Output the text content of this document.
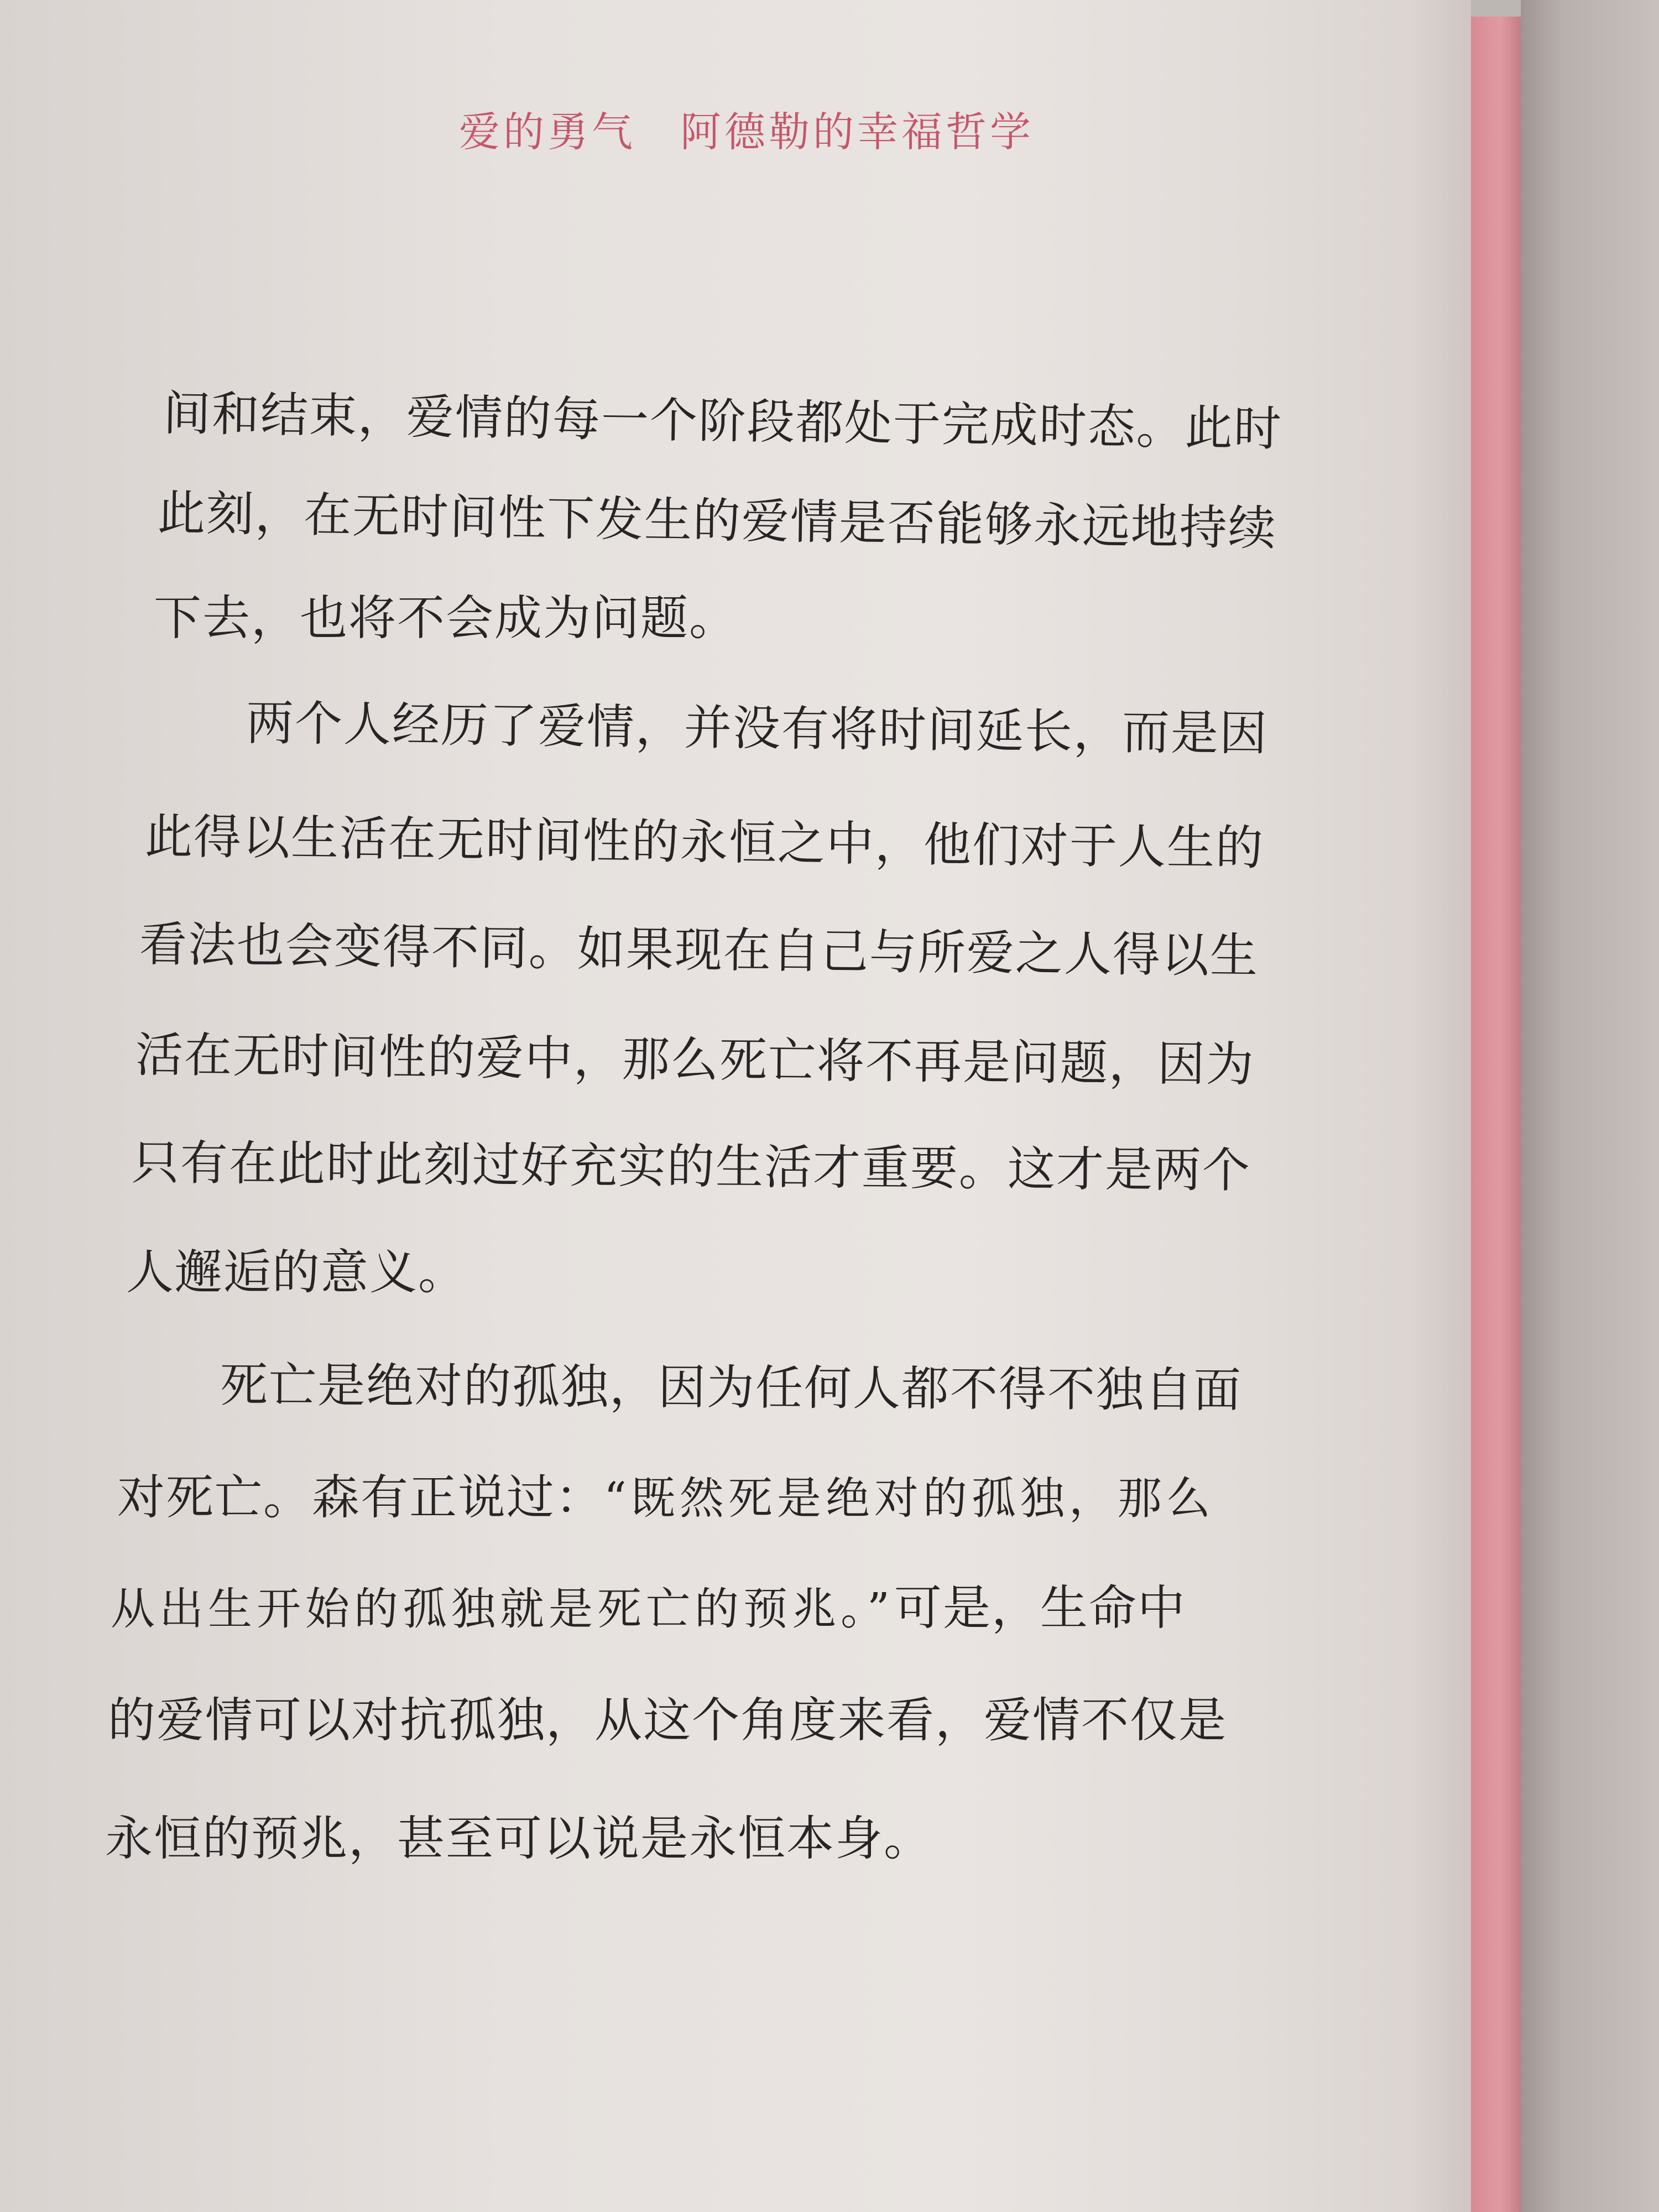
爱的勇气 阿德勒的幸福哲学
间和结束，爱情的每一个阶段都处于完成时态。此时
此刻，在无时间性下发生的爱情是否能够永远地持续
下去，也将不会成为问题。
两个人经历了爱情，并没有将时间延长，而是因
此得以生活在无时间性的永恒之中，他们对于人生的
看法也会变得不同。如果现在自己与所爱之人得以生
活在无时间性的爱中，那么死亡将不再是问题，因为
只有在此时此刻过好充实的生活才重要。这才是两个
人邂逅的意义。
死亡是绝对的孤独，因为任何人都不得不独自面
对死亡。森有正说过：“既然死是绝对的孤独，那么
从出生开始的孤独就是死亡的预兆。”可是，生命中
的爱情可以对抗孤独，从这个角度来看，爱情不仅是
永恒的预兆，甚至可以说是永恒本身。
